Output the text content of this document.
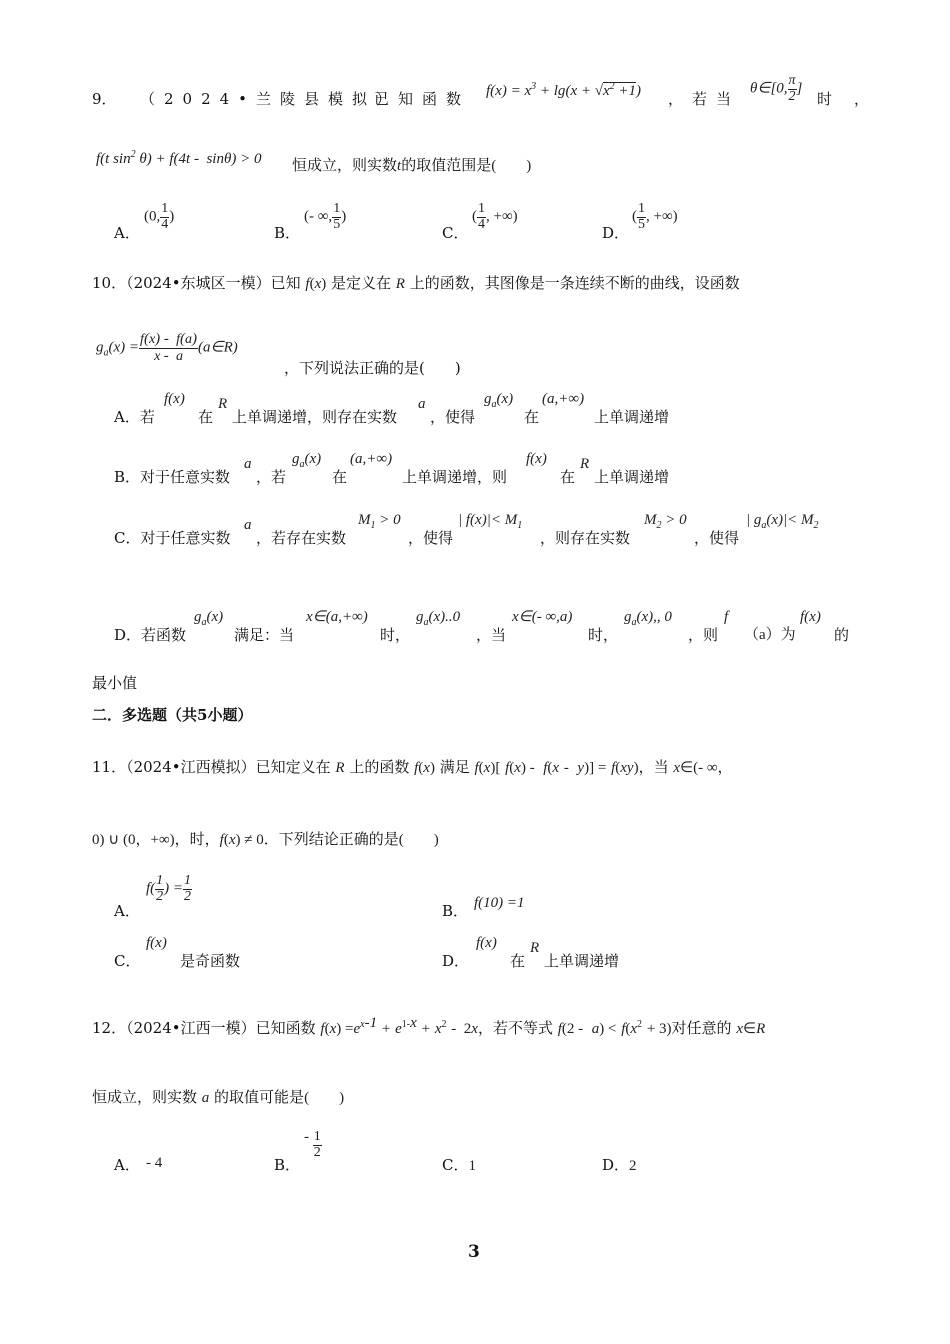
9． （2024•兰陵县模拟）
已知函数 $f(x) = x^3 + \lg(x + √x^2 +1)$ ，若当
θ∈[0, $\frac{\pi}{2}$ ]
时，
f(t $\sin^2 \theta) + f(4t - \sin\theta) > 0$ 恒成立，则实数t的取值范围是(　　 )
A．
(0, $\frac{1}{4}$ )
B．
(- ∞, $\frac{1}{5}$ )
C．
( $\frac{1}{4}$ , +∞)
D．
( $\frac{1}{5}$ , +∞)
10．（2024•东城区一模）已知 f(x) 是定义在 R 上的函数，其图像是一条连续不断的曲线，设函数
$g_a(x) = \frac{f(x) - f(a)}{x - a}$ (a∈R)
，下列说法正确的是(　　)
A．若
f(x)
在
R
上单调递增，则存在实数
a
，使得
$g_a(x)$
在
(a,+∞)
上单调递增
B．对于任意实数
a
，若
$g_a(x)$
在
(a,+∞)
上单调递增，则
f(x)
在
R
上单调递增
C．对于任意实数
a
，若存在实数
$M_1 > 0$
，使得
| $f(x)|< M_1$
，则存在实数
$M_2 > 0$
，使得
| $g_a(x)|< M_2$
D．若函数
$g_a(x)$
满足：当
x∈(a,+∞)
时，
$g_a(x)..0$
，当
x∈(- ∞,a)
时，
$g_a(x)$,, 0
，则
f
（a）为
f(x)
的
最小值
二．多选题（共5小题）
11．（2024•江西模拟）已知定义在 R 上的函数 f(x) 满足 f(x)[ f(x) -  f(x -  y)] = f(xy)，当 x∈(- ∞，
0) ∪ (0，+∞)，时，f(x) ≠ 0．下列结论正确的是(　　 )
A．
$f( \frac{1}{2}$ ) = $\frac{1}{2}$
B． f(10) =1
C．
f(x)
是奇函数	D．
f(x)
在
R
上单调递增
12．（2024•江西一模）已知函数 $f(x) =e^{x-1} + e^{1-x} + x^2 - 2x$，若不等式 $f(2 - a) < f(x^2 + 3)$对任意的 x∈R
恒成立，则实数 a 的取值可能是(　　 )
A． - 4	B．
- $\frac{1}{2}$
C．1	D．2
3
